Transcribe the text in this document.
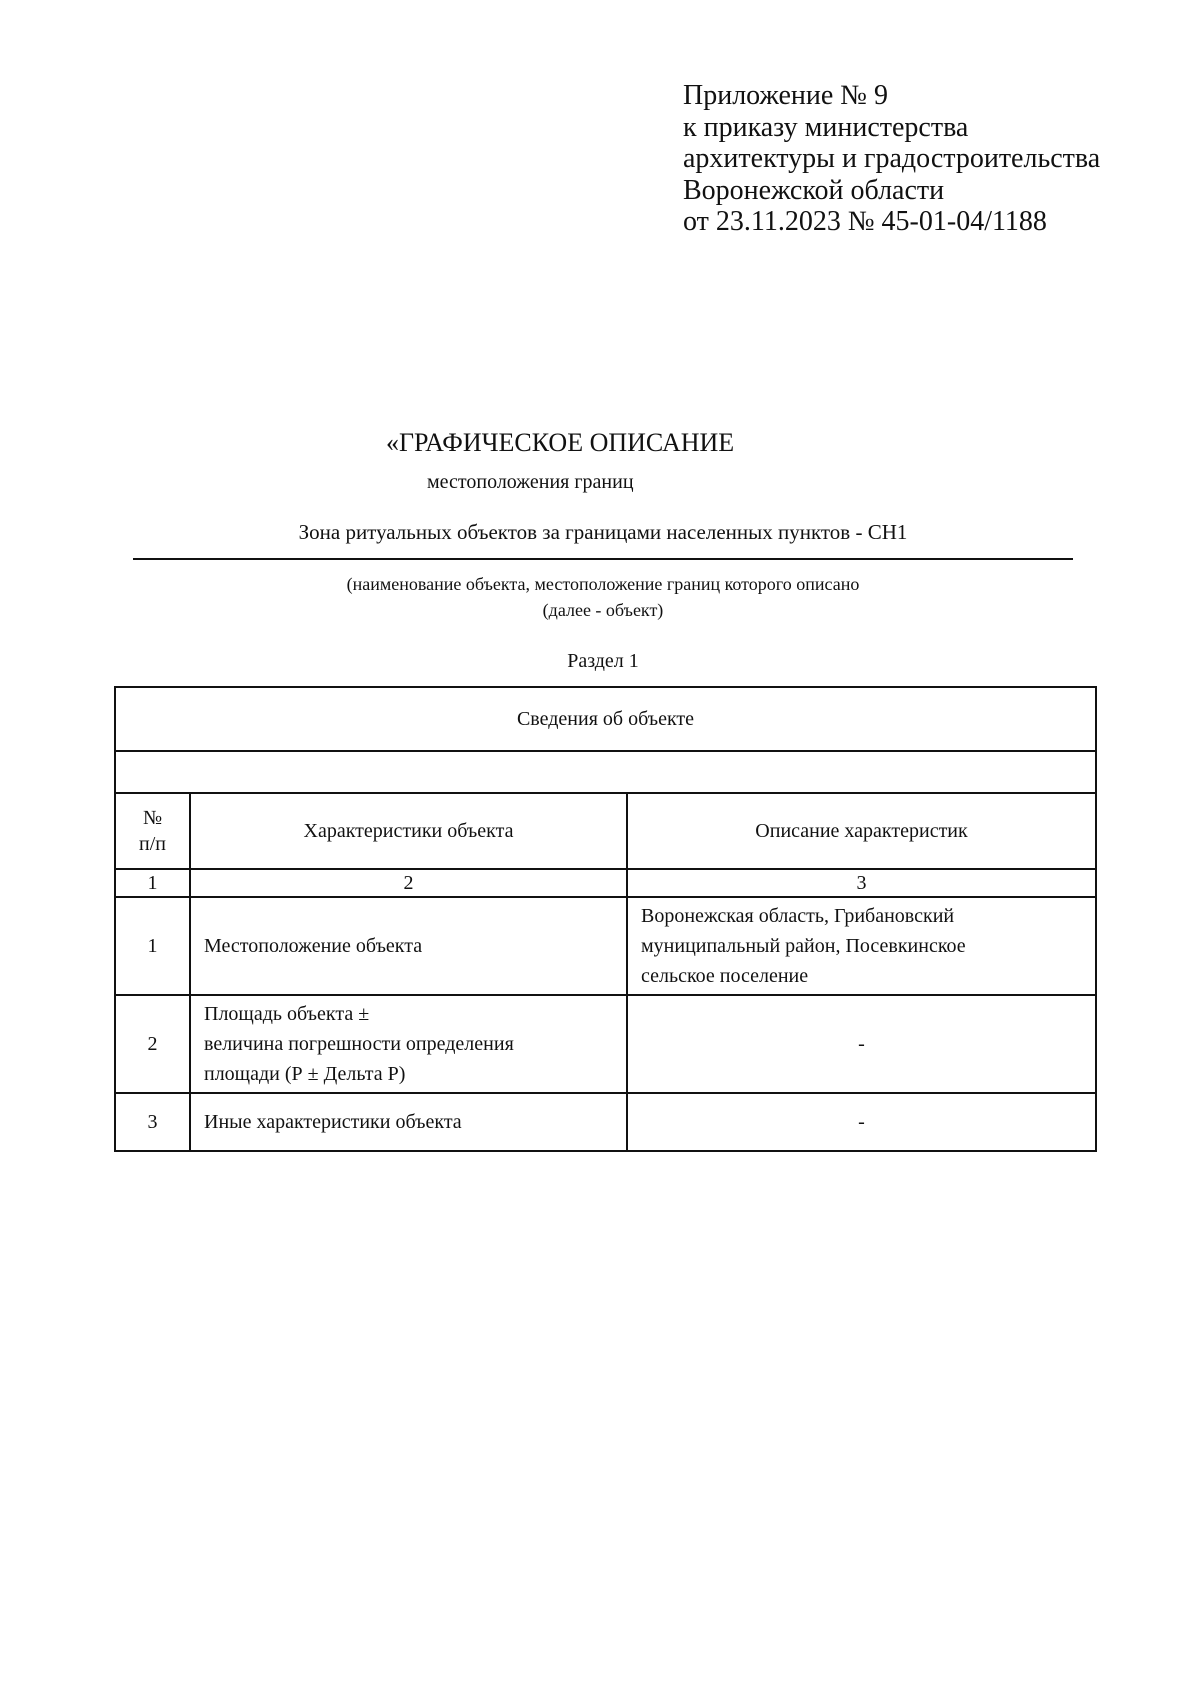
Приложение № 9
к приказу министерства
архитектуры и градостроительства
Воронежской области
от 23.11.2023 № 45-01-04/1188
«ГРАФИЧЕСКОЕ ОПИСАНИЕ
местоположения границ
Зона ритуальных объектов за границами населенных пунктов - СН1
(наименование объекта, местоположение границ которого описано
(далее - объект)
Раздел 1
Сведения об объекте		

№
п/п	Характеристики объекта	Описание характеристик
1	2	3
1	Местоположение объекта	Воронежская область, Грибановский
муниципальный район, Посевкинское
сельское поселение

2	Площадь объекта ±
величина погрешности определения
площади (Р ± Дельта Р)	-
3	Иные характеристики объекта	-
